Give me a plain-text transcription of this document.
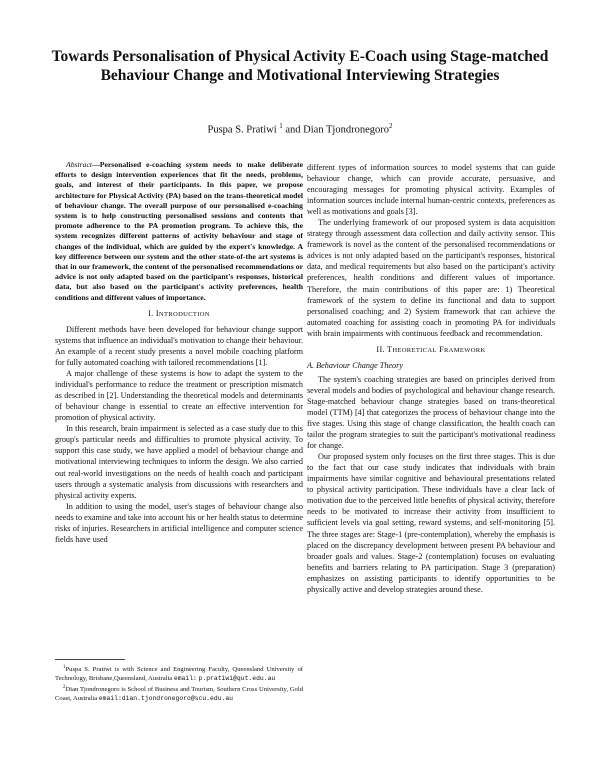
Towards Personalisation of Physical Activity E-Coach using Stage-matched Behaviour Change and Motivational Interviewing Strategies
Puspa S. Pratiwi $^1$ and Dian Tjondronegoro$^2$

Abstract—Personalised e-coaching system needs to make deliberate efforts to design intervention experiences that fit the needs, problems, goals, and interest of their participants. In this paper, we propose architecture for Physical Activity (PA) based on the trans-theoretical model of behaviour change. The overall purpose of our personalised e-coaching system is to help constructing personalised sessions and contents that promote adherence to the PA promotion program. To achieve this, the system recognizes different patterns of activity behaviour and stage of changes of the individual, which are guided by the expert's knowledge. A key difference between our system and the other state-of-the art systems is that in our framework, the content of the personalised recommendations or advice is not only adapted based on the participant's responses, historical data, but also based on the participant's activity preferences, health conditions and different values of importance.

I. INTRODUCTION

Different methods have been developed for behaviour change support systems that influence an individual's motivation to change their behaviour. An example of a recent study presents a novel mobile coaching platform for fully automated coaching with tailored recommendations [1].

A major challenge of these systems is how to adapt the system to the individual's performance to reduce the treatment or prescription mismatch as described in [2]. Understanding the theoretical models and determinants of behaviour change is essential to create an effective intervention for promotion of physical activity.

In this research, brain impairment is selected as a case study due to this group's particular needs and difficulties to promote physical activity. To support this case study, we have applied a model of behaviour change and motivational interviewing techniques to inform the design. We also carried out real-world investigations on the needs of health coach and participant users through a systematic analysis from discussions with researchers and physical activity experts.

In addition to using the model, user's stages of behaviour change also needs to examine and take into account his or her health status to determine risks of injuries. Researchers in artificial intelligence and computer science fields have used

$^1$Puspa S. Pratiwi is with Science and Engineering Faculty, Queensland University of Technology, Brisbane,Queensland, Australia email: p.pratiwi@qut.edu.au

$^2$Dian Tjondronegoro is School of Business and Tourism, Southern Cross University, Gold Coast, Australia email:dian.tjondronegoro@scu.edu.au

different types of information sources to model systems that can guide behaviour change, which can provide accurate, persuasive, and encouraging messages for promoting physical activity. Examples of information sources include internal human-centric contexts, preferences as well as motivations and goals [3].

The underlying framework of our proposed system is data acquisition strategy through assessment data collection and daily activity sensor. This framework is novel as the content of the personalised recommendations or advices is not only adapted based on the participant's responses, historical data, and medical requirements but also based on the participant's activity preferences, health conditions and different values of importance. Therefore, the main contributions of this paper are: 1) Theoretical framework of the system to define its functional and data to support personalised coaching; and 2) System framework that can achieve the automated coaching for assisting coach in promoting PA for individuals with brain impairments with continuous feedback and recommendation.

II. THEORETICAL FRAMEWORK
A. Behaviour Change Theory

The system's coaching strategies are based on principles derived from several models and bodies of psychological and behaviour change research. Stage-matched behaviour change strategies based on trans-theoretical model (TTM) [4] that categorizes the process of behaviour change into the five stages. Using this stage of change classification, the health coach can tailor the program strategies to suit the participant's motivational readiness for change.

Our proposed system only focuses on the first three stages. This is due to the fact that our case study indicates that individuals with brain impairments have similar cognitive and behavioural presentations related to physical activity participation. These individuals have a clear lack of motivation due to the perceived little benefits of physical activity, therefore needs to be motivated to increase their activity from insufficient to sufficient levels via goal setting, reward systems, and self-monitoring [5]. The three stages are: Stage-1 (pre-contemplation), whereby the emphasis is placed on the discrepancy development between present PA behaviour and broader goals and values. Stage-2 (contemplation) focuses on evaluating benefits and barriers relating to PA participation. Stage 3 (preparation) emphasizes on assisting participants to identify opportunities to be physically active and develop strategies around these.
